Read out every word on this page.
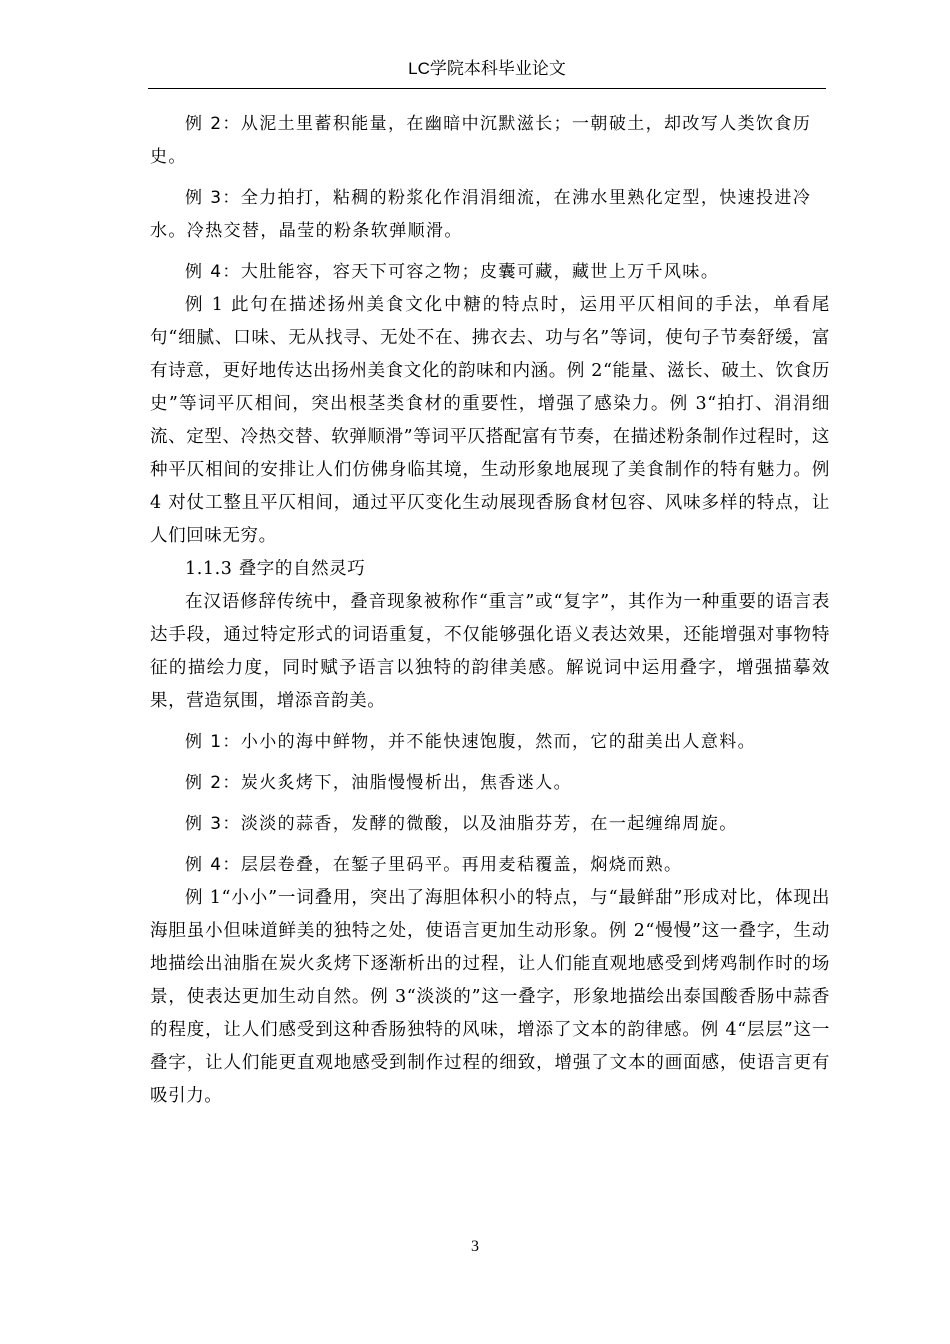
LC学院本科毕业论文

例 2：从泥土里蓄积能量，在幽暗中沉默滋长；一朝破土，却改写人类饮食历史。

例 3：全力拍打，粘稠的粉浆化作涓涓细流，在沸水里熟化定型，快速投进冷水。冷热交替，晶莹的粉条软弹顺滑。

例 4：大肚能容，容天下可容之物；皮囊可藏，藏世上万千风味。

例 1 此句在描述扬州美食文化中糖的特点时，运用平仄相间的手法，单看尾句“细腻、口味、无从找寻、无处不在、拂衣去、功与名”等词，使句子节奏舒缓，富有诗意，更好地传达出扬州美食文化的韵味和内涵。例 2“能量、滋长、破土、饮食历史”等词平仄相间，突出根茎类食材的重要性，增强了感染力。例 3“拍打、涓涓细流、定型、冷热交替、软弹顺滑”等词平仄搭配富有节奏，在描述粉条制作过程时，这种平仄相间的安排让人们仿佛身临其境，生动形象地展现了美食制作的特有魅力。例 4 对仗工整且平仄相间，通过平仄变化生动展现香肠食材包容、风味多样的特点，让人们回味无穷。

1.1.3 叠字的自然灵巧

在汉语修辞传统中，叠音现象被称作“重言”或“复字”，其作为一种重要的语言表达手段，通过特定形式的词语重复，不仅能够强化语义表达效果，还能增强对事物特征的描绘力度，同时赋予语言以独特的韵律美感。解说词中运用叠字，增强描摹效果，营造氛围，增添音韵美。

例 1：小小的海中鲜物，并不能快速饱腹，然而，它的甜美出人意料。

例 2：炭火炙烤下，油脂慢慢析出，焦香迷人。

例 3：淡淡的蒜香，发酵的微酸，以及油脂芬芳，在一起缠绵周旋。

例 4：层层卷叠，在錾子里码平。再用麦秸覆盖，焖烧而熟。

例 1“小小”一词叠用，突出了海胆体积小的特点，与“最鲜甜”形成对比，体现出海胆虽小但味道鲜美的独特之处，使语言更加生动形象。例 2“慢慢”这一叠字，生动地描绘出油脂在炭火炙烤下逐渐析出的过程，让人们能直观地感受到烤鸡制作时的场景，使表达更加生动自然。例 3“淡淡的”这一叠字，形象地描绘出泰国酸香肠中蒜香的程度，让人们感受到这种香肠独特的风味，增添了文本的韵律感。例 4“层层”这一叠字，让人们能更直观地感受到制作过程的细致，增强了文本的画面感，使语言更有吸引力。

3
